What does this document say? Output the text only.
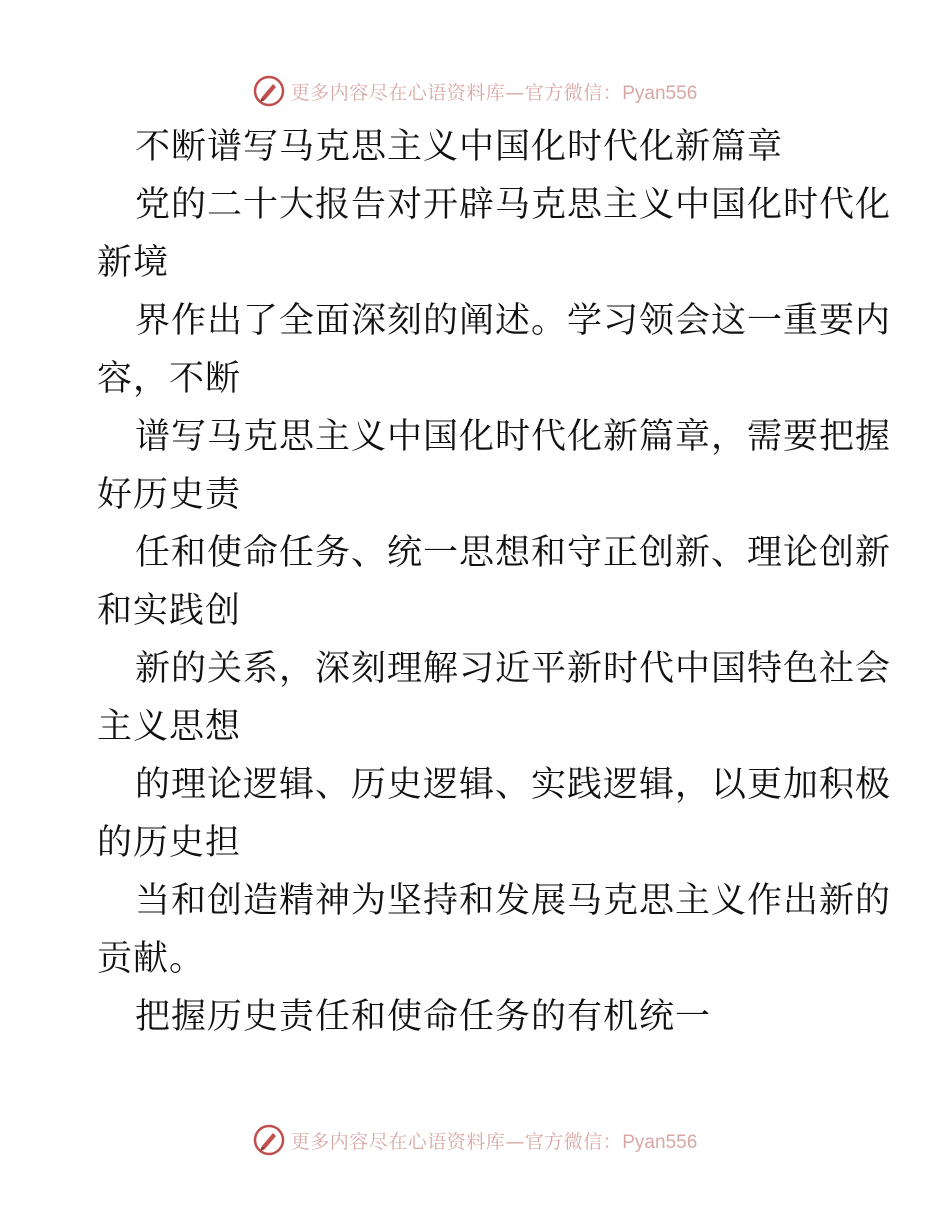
更多内容尽在心语资料库—官方微信：Pyan556
不断谱写马克思主义中国化时代化新篇章
党的二十大报告对开辟马克思主义中国化时代化
新境
界作出了全面深刻的阐述。学习领会这一重要内
容，不断
谱写马克思主义中国化时代化新篇章，需要把握
好历史责
任和使命任务、统一思想和守正创新、理论创新
和实践创
新的关系，深刻理解习近平新时代中国特色社会
主义思想
的理论逻辑、历史逻辑、实践逻辑，以更加积极
的历史担
当和创造精神为坚持和发展马克思主义作出新的
贡献。
把握历史责任和使命任务的有机统一
更多内容尽在心语资料库—官方微信：Pyan556
